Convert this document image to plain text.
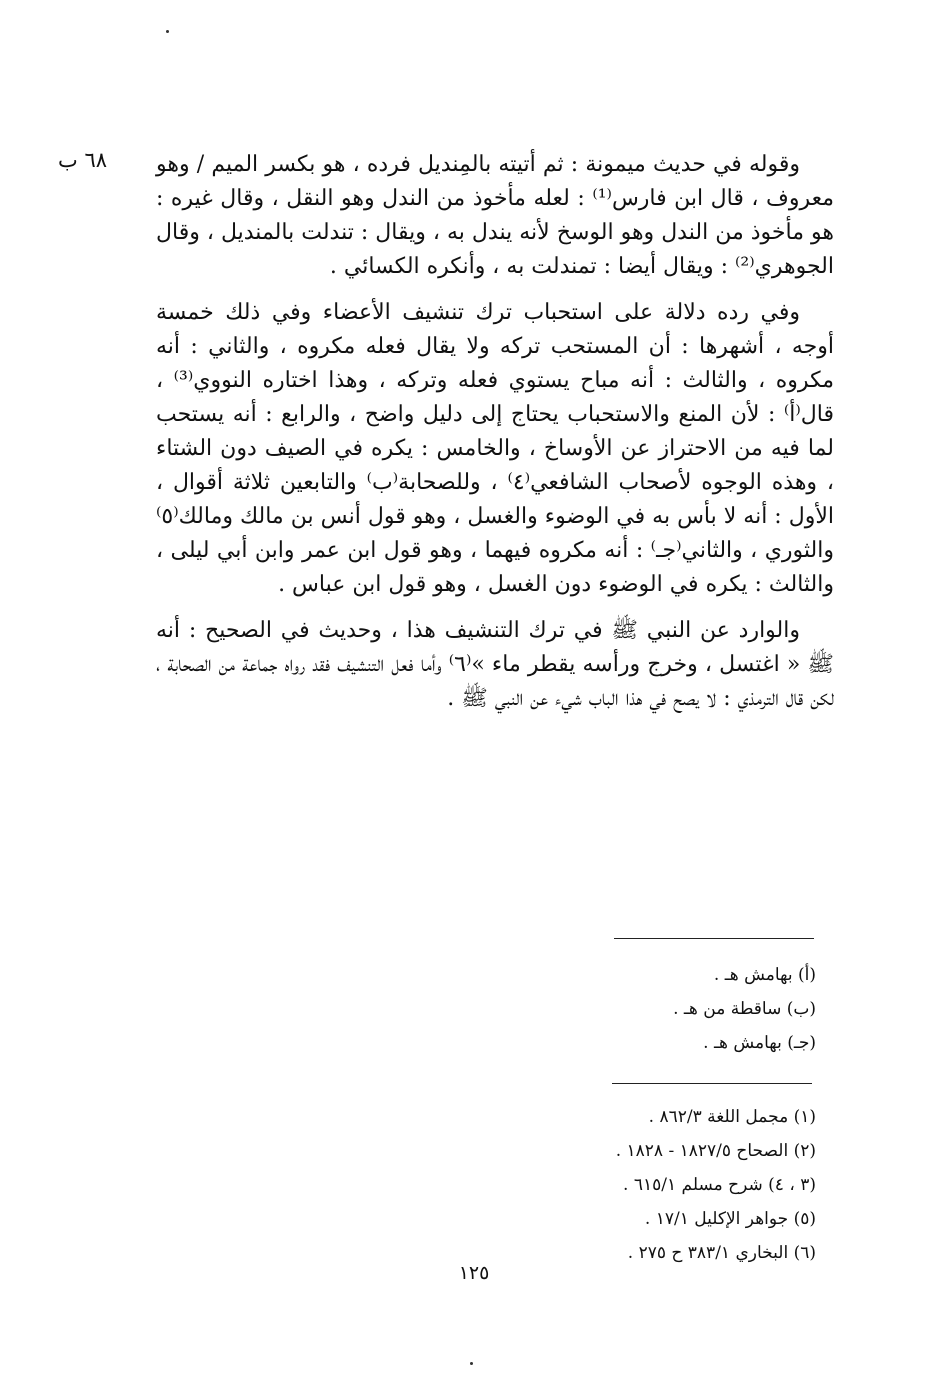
٦٨ ب وقوله في حديث ميمونة : ثم أتيته بالمِنديل فرده ، هو بكسر الميم / وهو معروف ، قال ابن فارس⁽¹⁾ : لعله مأخوذ من الندل وهو النقل ، وقال غيره : هو مأخوذ من الندل وهو الوسخ لأنه يندل به ، ويقال : تندلت بالمنديل ، وقال الجوهري⁽²⁾ : ويقال أيضا : تمندلت به ، وأنكره الكسائي .

وفي رده دلالة على استحباب ترك تنشيف الأعضاء وفي ذلك خمسة أوجه ، أشهرها : أن المستحب تركه ولا يقال فعله مكروه ، والثاني : أنه مكروه ، والثالث : أنه مباح يستوي فعله وتركه ، وهذا اختاره النووي⁽³⁾ ، قال⁽أ⁾ : لأن المنع والاستحباب يحتاج إلى دليل واضح ، والرابع : أنه يستحب لما فيه من الاحتراز عن الأوساخ ، والخامس : يكره في الصيف دون الشتاء ، وهذه الوجوه لأصحاب الشافعي⁽٤⁾ ، وللصحابة⁽ب⁾ والتابعين ثلاثة أقوال ، الأول : أنه لا بأس به في الوضوء والغسل ، وهو قول أنس بن مالك ومالك⁽٥⁾ والثوري ، والثاني⁽جـ⁾ : أنه مكروه فيهما ، وهو قول ابن عمر وابن أبي ليلى ، والثالث : يكره في الوضوء دون الغسل ، وهو قول ابن عباس .

والوارد عن النبي ﷺ في ترك التنشيف هذا ، وحديث في الصحيح : أنه ﷺ « اغتسل ، وخرج ورأسه يقطر ماء »⁽٦⁾ وأما فعل التنشيف فقد رواه جماعة من الصحابة ، لكن قال الترمذي : لا يصح في هذا الباب شيء عن النبي ﷺ .

(أ) بهامش هـ .
(ب) ساقطة من هـ .
(جـ) بهامش هـ .
(١) مجمل اللغة ٨٦٢/٣ .
(٢) الصحاح ١٨٢٧/٥ - ١٨٢٨ .
(٣ ، ٤) شرح مسلم ٦١٥/١ .
(٥) جواهر الإكليل ١٧/١ .
(٦) البخاري ٣٨٣/١ ح ٢٧٥ .
١٢٥
